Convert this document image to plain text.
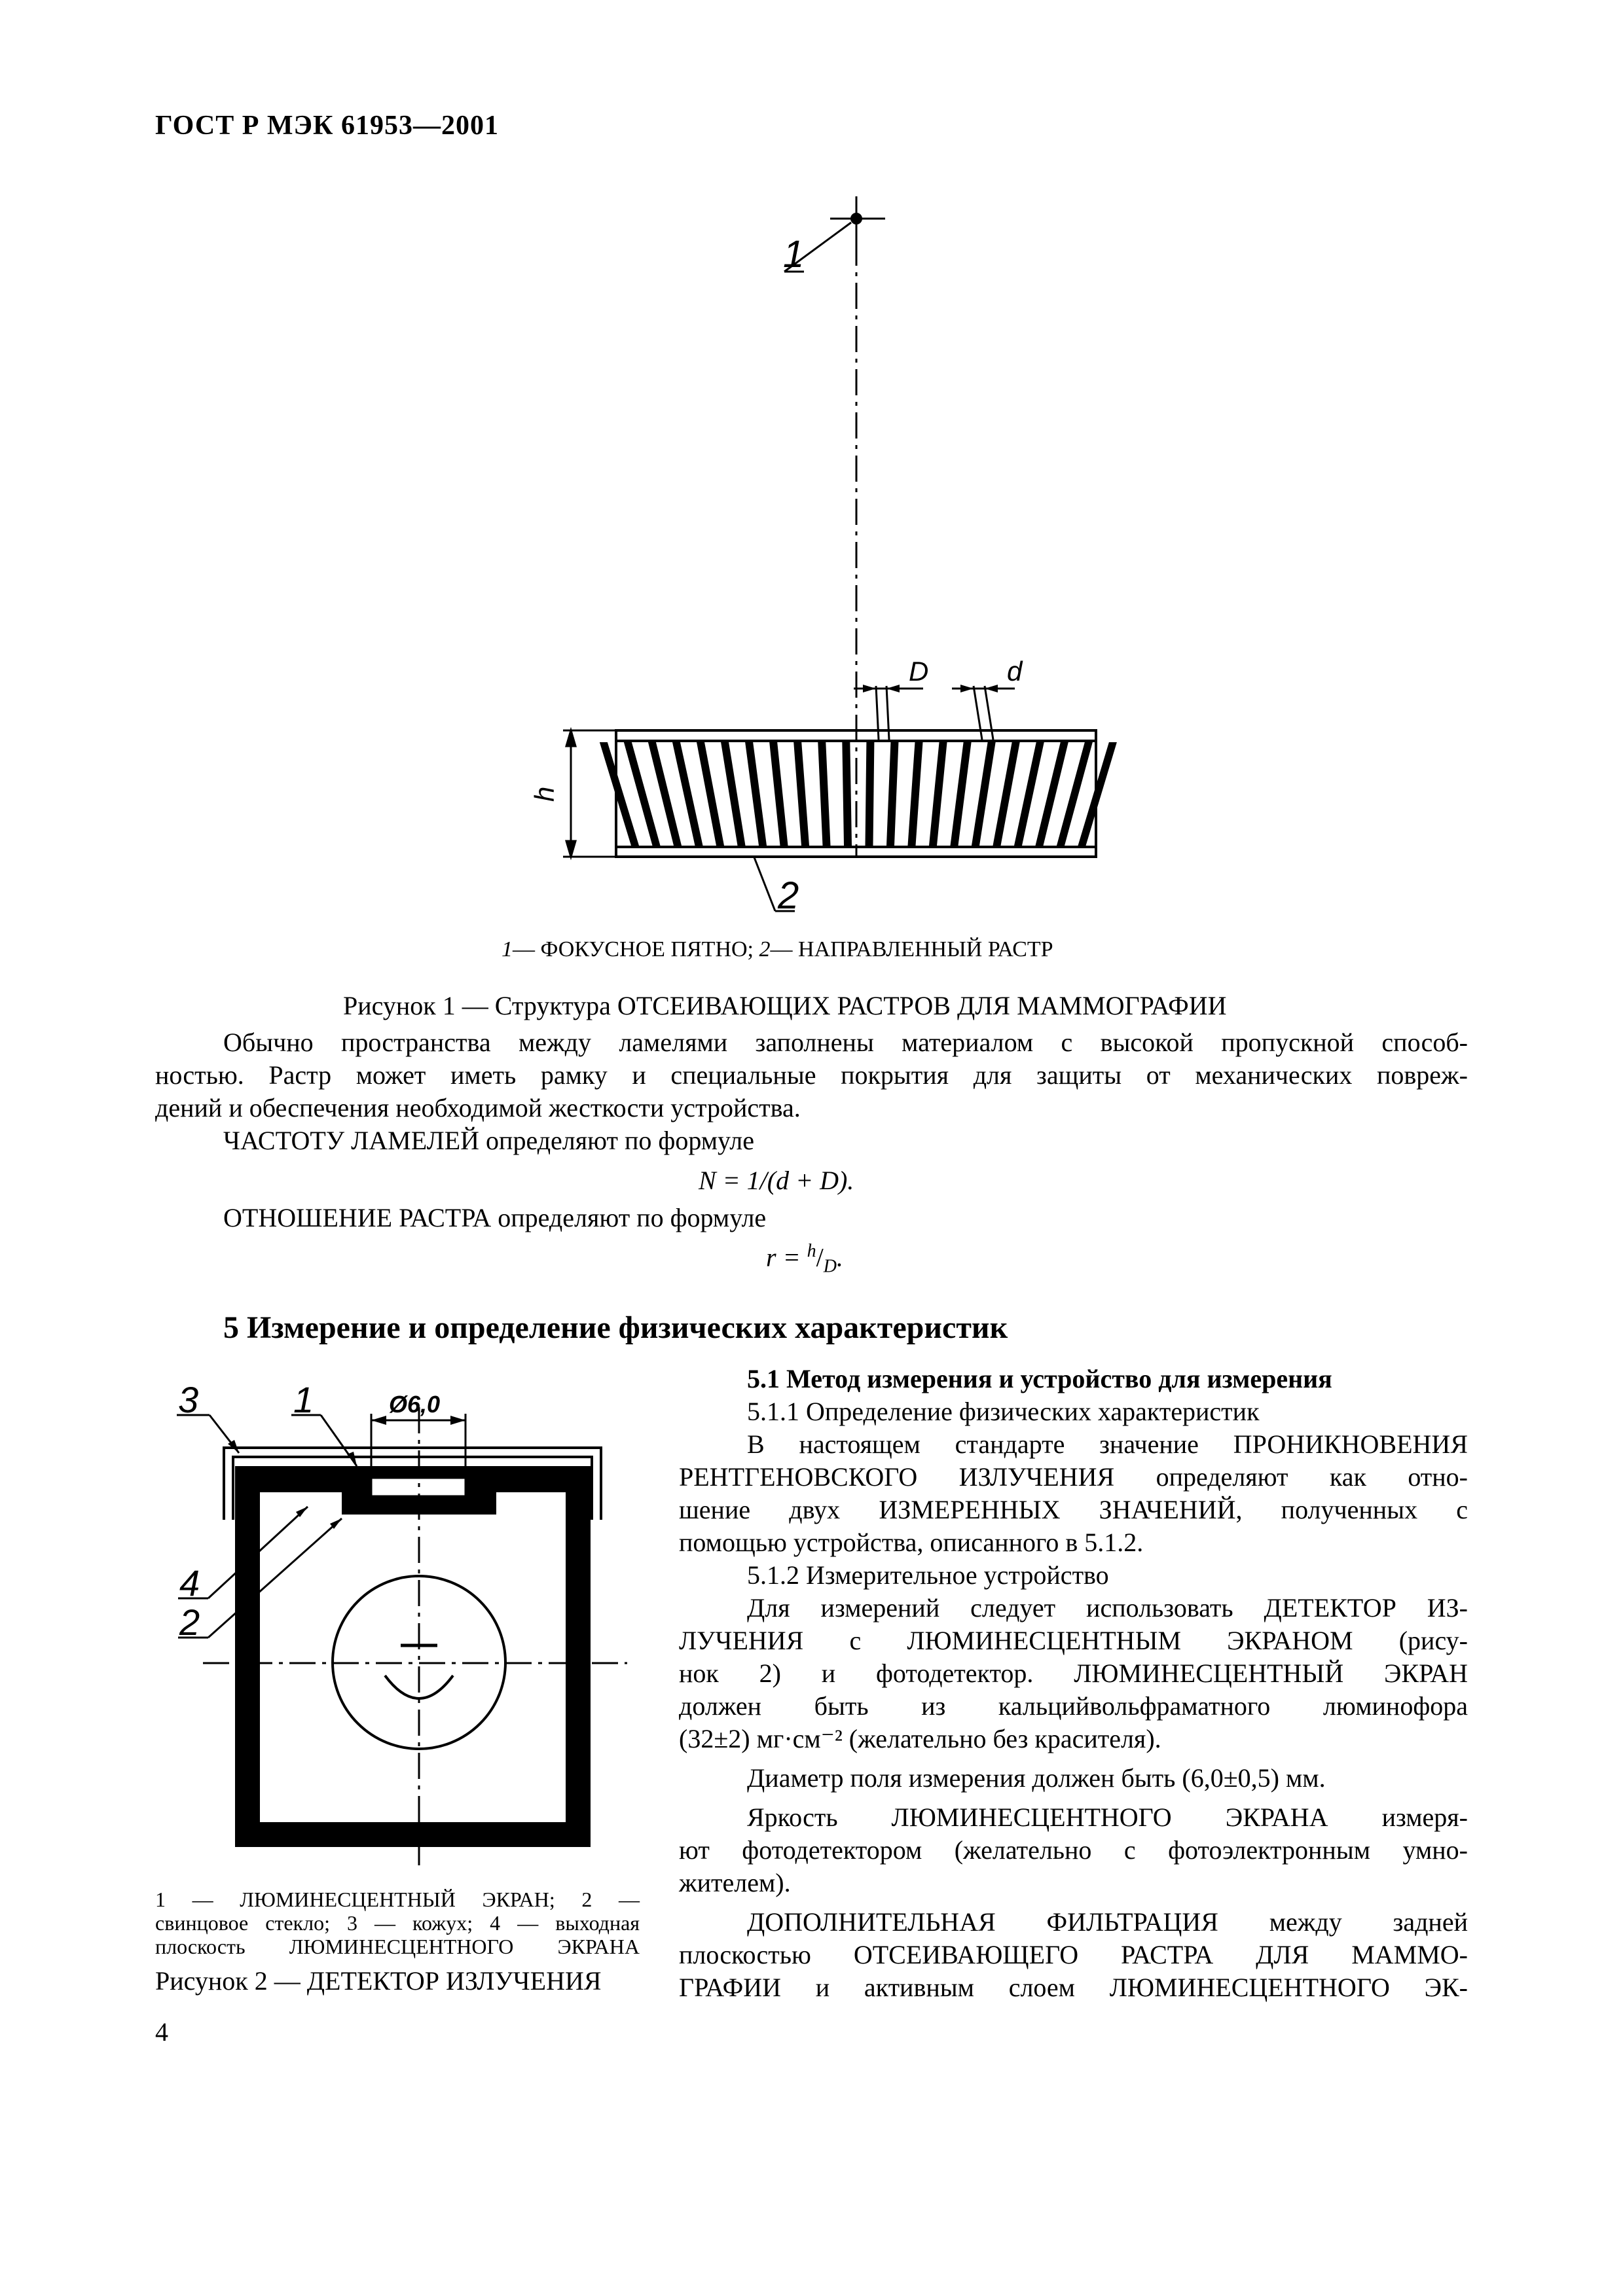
ГОСТ Р МЭК 61953—2001
1
h
D	d
2
1— ФОКУСНОЕ ПЯТНО; 2— НАПРАВЛЕННЫЙ РАСТР
Рисунок 1 — Структура ОТСЕИВАЮЩИХ РАСТРОВ ДЛЯ МАММОГРАФИИ

Обычно пространства между ламелями заполнены материалом с высокой пропускной способ-

ностью. Растр может иметь рамку и специальные покрытия для защиты от механических повреж-

дений и обеспечения необходимой жесткости устройства.

ЧАСТОТУ ЛАМЕЛЕЙ определяют по формуле
N = 1/(d + D).
ОТНОШЕНИЕ РАСТРА определяют по формуле
$r = ^h/_D$.
5 Измерение и определение физических характеристик
Ø6,0
3	1
4
2

1 — ЛЮМИНЕСЦЕНТНЫЙ ЭКРАН; 2 —

свинцовое стекло; 3 — кожух; 4 — выходная

плоскость ЛЮМИНЕСЦЕНТНОГО ЭКРАНА

Рисунок 2 — ДЕТЕКТОР ИЗЛУЧЕНИЯ

5.1 Метод измерения и устройство для измерения

5.1.1 Определение физических характеристик

В настоящем стандарте значение ПРОНИКНОВЕНИЯ

РЕНТГЕНОВСКОГО ИЗЛУЧЕНИЯ определяют как отно-

шение двух ИЗМЕРЕННЫХ ЗНАЧЕНИЙ, полученных с

помощью устройства, описанного в 5.1.2.

5.1.2 Измерительное устройство

Для измерений следует использовать ДЕТЕКТОР ИЗ-

ЛУЧЕНИЯ с ЛЮМИНЕСЦЕНТНЫМ ЭКРАНОМ (рису-

нок 2) и фотодетектор. ЛЮМИНЕСЦЕНТНЫЙ ЭКРАН

должен быть из кальцийвольфраматного люминофора

(32±2) мг·см⁻² (желательно без красителя).

Диаметр поля измерения должен быть (6,0±0,5) мм.

Яркость ЛЮМИНЕСЦЕНТНОГО ЭКРАНА измеря-

ют фотодетектором (желательно с фотоэлектронным умно-

жителем).

ДОПОЛНИТЕЛЬНАЯ ФИЛЬТРАЦИЯ между задней

плоскостью ОТСЕИВАЮЩЕГО РАСТРА ДЛЯ МАММО-

ГРАФИИ и активным слоем ЛЮМИНЕСЦЕНТНОГО ЭК-

4
